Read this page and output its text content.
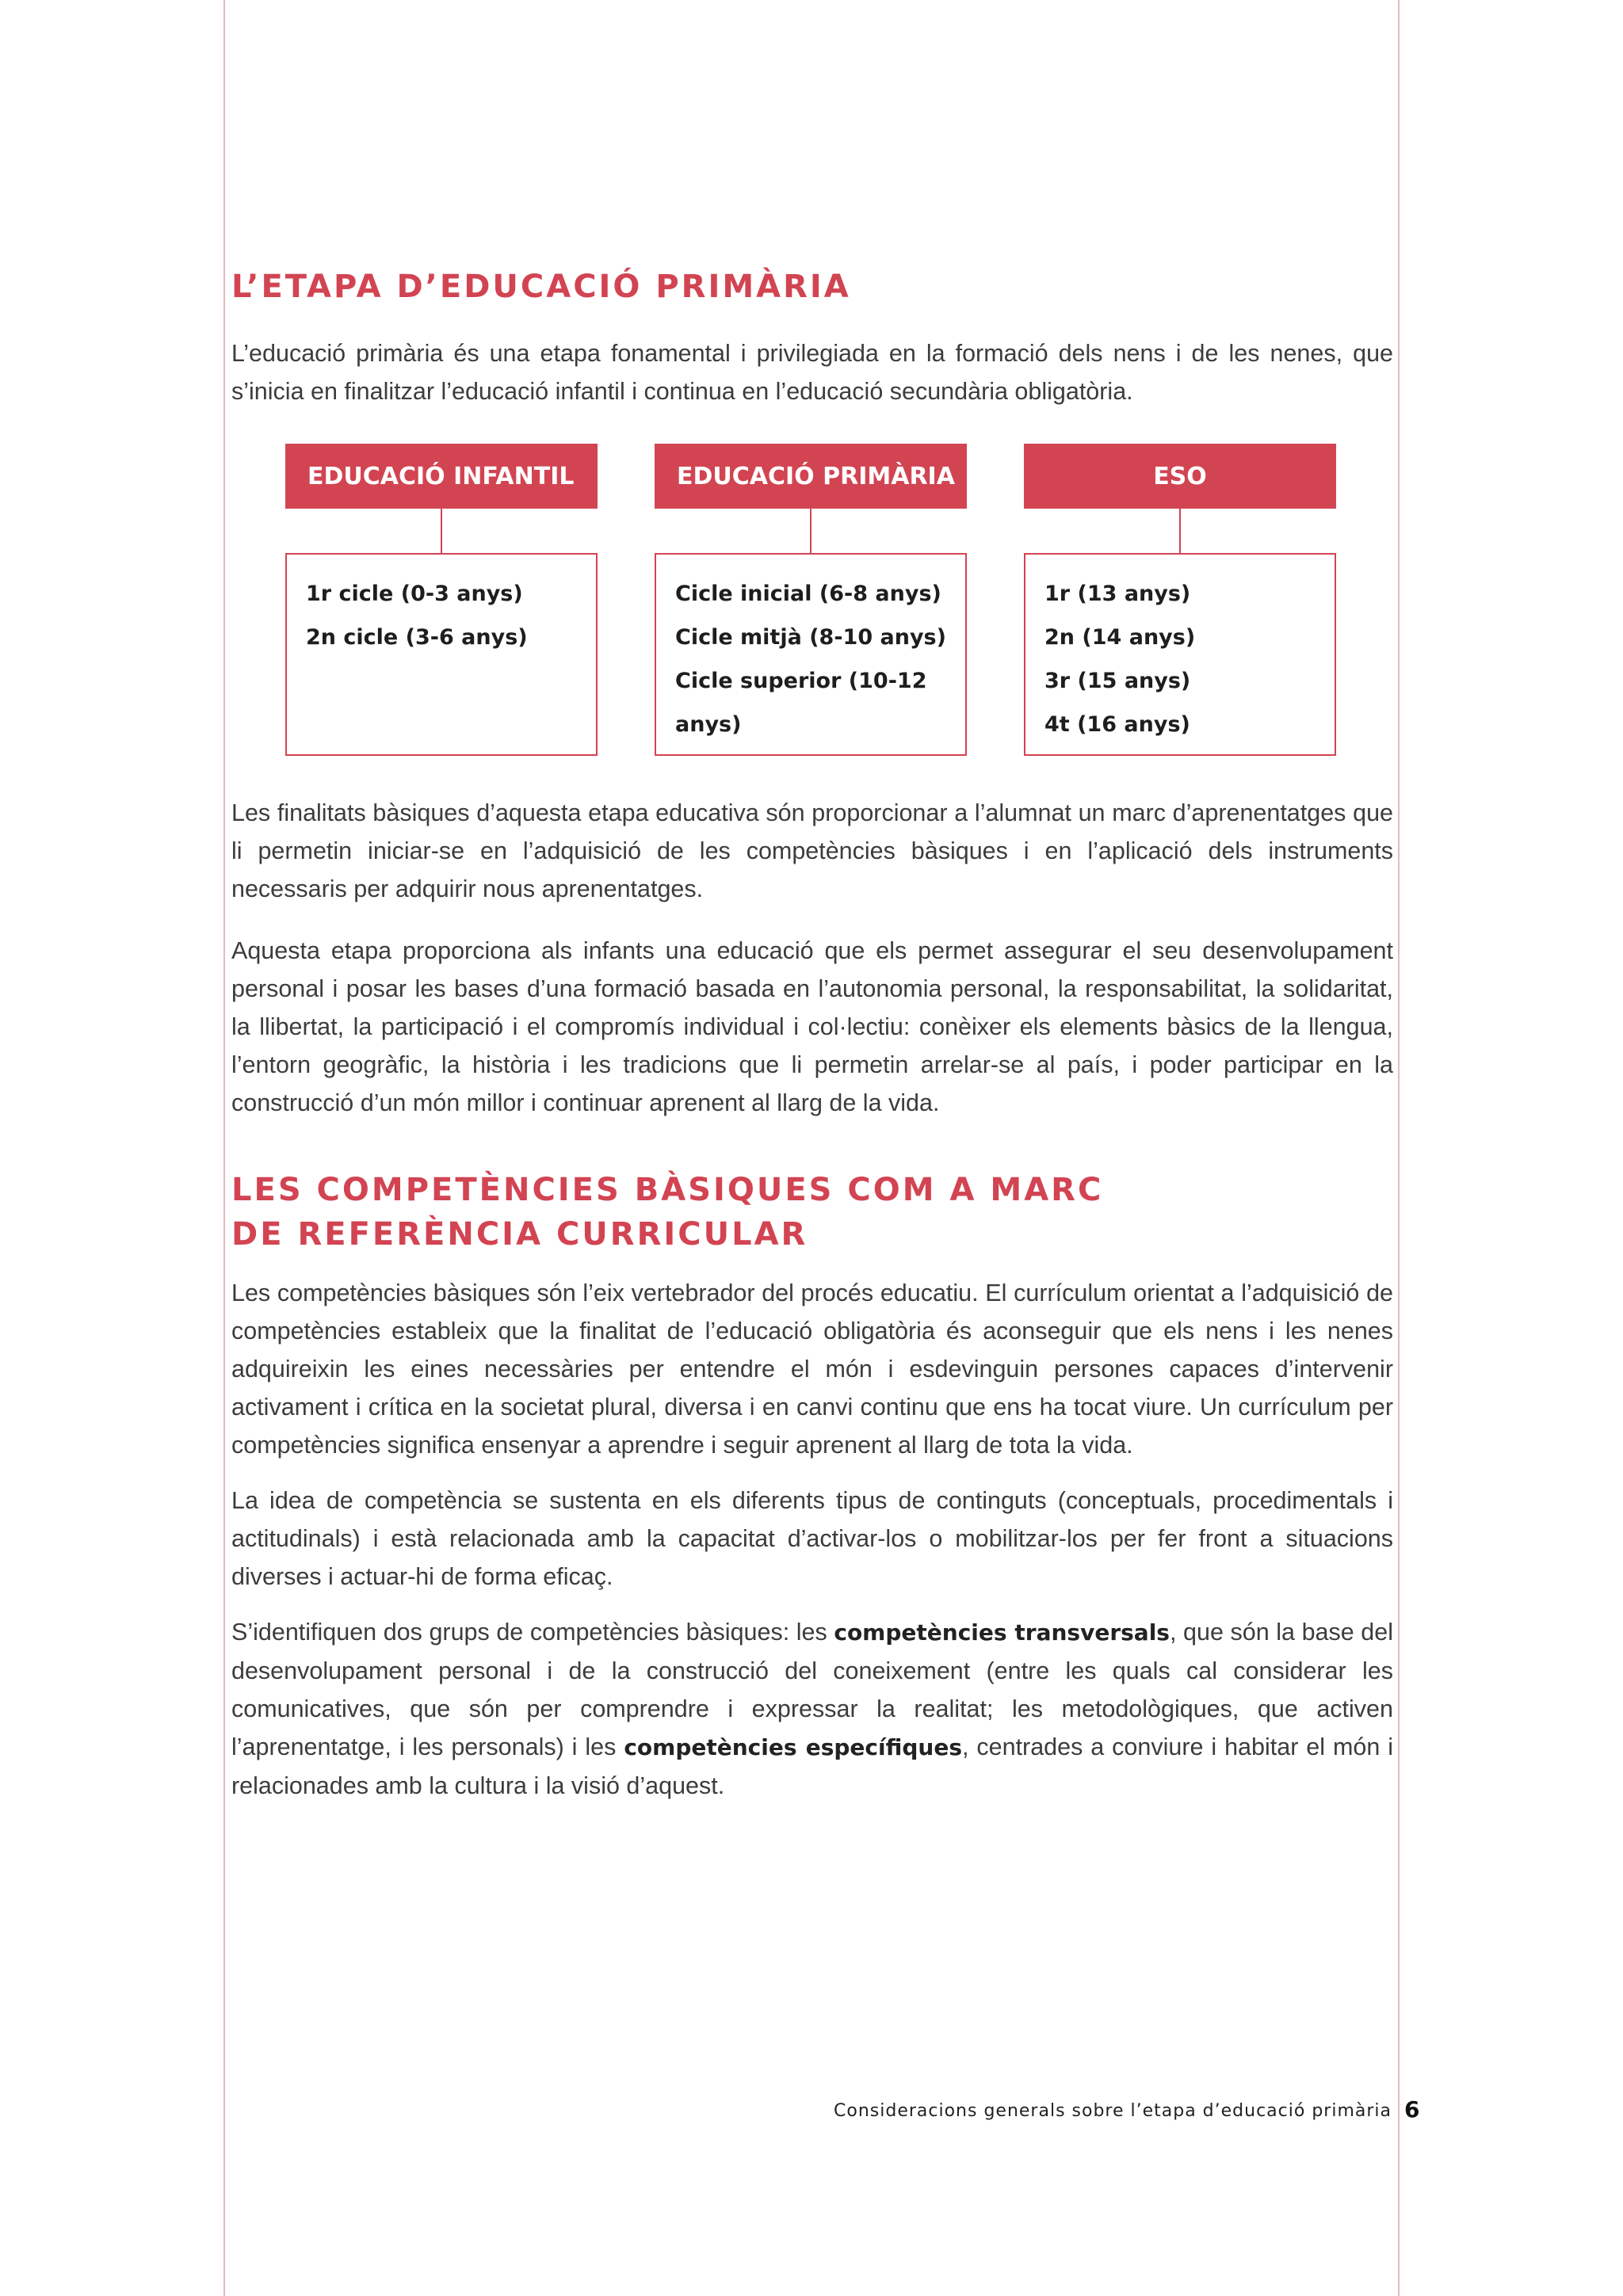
L’ETAPA D’EDUCACIÓ PRIMÀRIA

L’educació primària és una etapa fonamental i privilegiada en la formació dels nens i de les nenes, que s’inicia en finalitzar l’educació infantil i continua en l’educació secundària obligatòria.

EDUCACIÓ INFANTIL
1r cicle (0-3 anys)
2n cicle (3-6 anys)
EDUCACIÓ PRIMÀRIA
Cicle inicial (6-8 anys)
Cicle mitjà (8-10 anys)
Cicle superior (10-12 anys)
ESO
1r (13 anys)
2n (14 anys)
3r (15 anys)
4t (16 anys)

Les finalitats bàsiques d’aquesta etapa educativa són proporcionar a l’alumnat un marc d’aprenentatges que li permetin iniciar-se en l’adquisició de les competències bàsiques i en l’aplicació dels instruments necessaris per adquirir nous aprenentatges.

Aquesta etapa proporciona als infants una educació que els permet assegurar el seu desenvolupament personal i posar les bases d’una formació basada en l’autonomia personal, la responsabilitat, la solidaritat, la llibertat, la participació i el compromís individual i col·lectiu: conèixer els elements bàsics de la llengua, l’entorn geogràfic, la història i les tradicions que li permetin arrelar-se al país, i poder participar en la construcció d’un món millor i continuar aprenent al llarg de la vida.

LES COMPETÈNCIES BÀSIQUES COM A MARC
DE REFERÈNCIA CURRICULAR

Les competències bàsiques són l’eix vertebrador del procés educatiu. El currículum orientat a l’adquisició de competències estableix que la finalitat de l’educació obligatòria és aconseguir que els nens i les nenes adquireixin les eines necessàries per entendre el món i esdevinguin persones capaces d’intervenir activament i crítica en la societat plural, diversa i en canvi continu que ens ha tocat viure. Un currículum per competències significa ensenyar a aprendre i seguir aprenent al llarg de tota la vida.

La idea de competència se sustenta en els diferents tipus de continguts (conceptuals, procedimentals i actitudinals) i està relacionada amb la capacitat d’activar-los o mobilitzar-los per fer front a situacions diverses i actuar-hi de forma eficaç.

S’identifiquen dos grups de competències bàsiques: les competències transversals, que són la base del desenvolupament personal i de la construcció del coneixement (entre les quals cal considerar les comunicatives, que són per comprendre i expressar la realitat; les metodològiques, que activen l’aprenentatge, i les personals) i les competències específiques, centrades a conviure i habitar el món i relacionades amb la cultura i la visió d’aquest.

Consideracions generals sobre l’etapa d’educació primària 6
